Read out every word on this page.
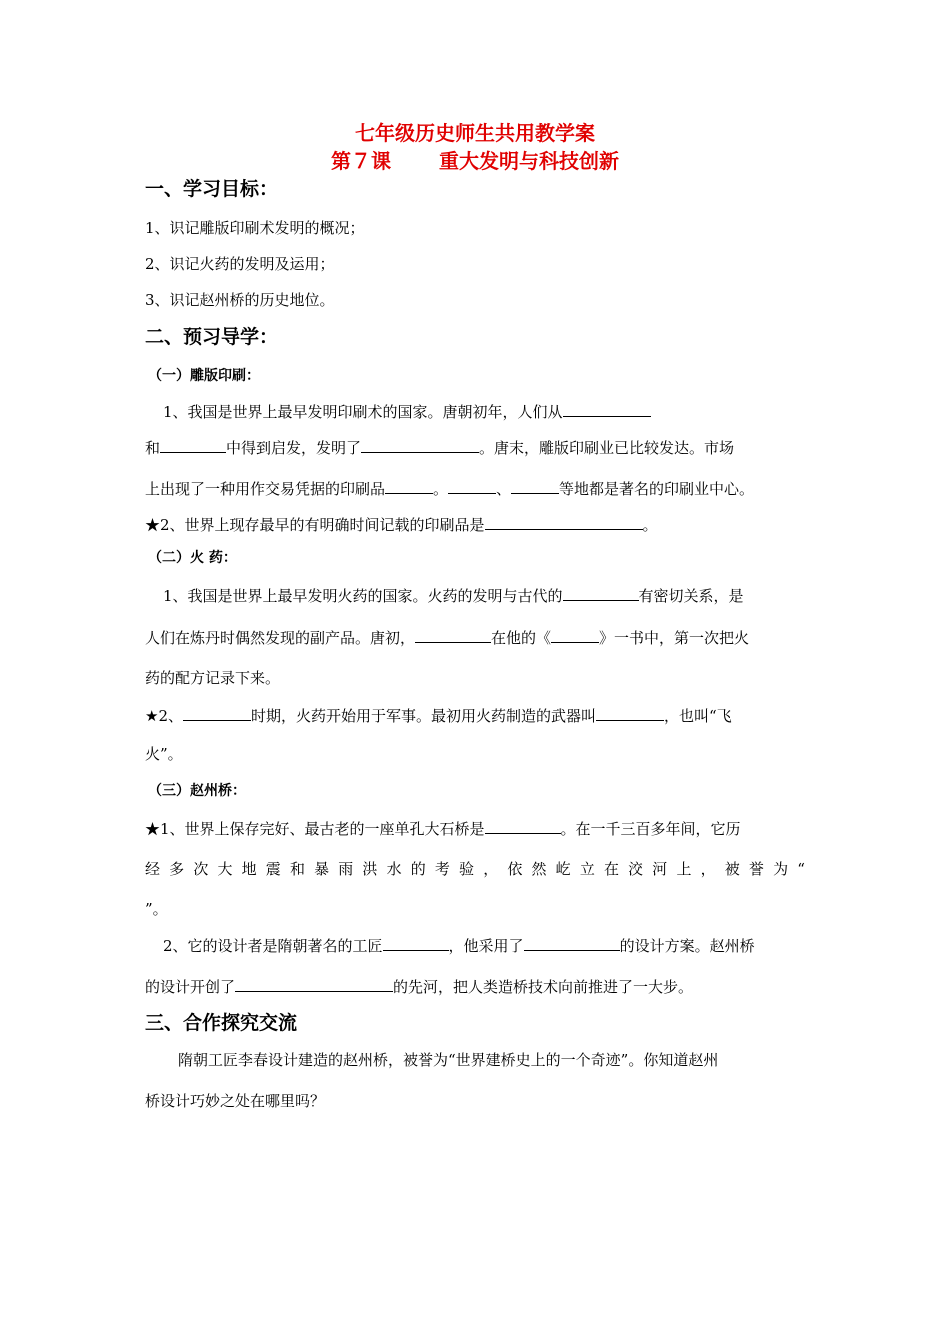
七年级历史师生共用教学案
第７课 重大发明与科技创新
一、学习目标：
1、识记雕版印刷术发明的概况；
2、识记火药的发明及运用；
3、识记赵州桥的历史地位。
二、预习导学：
（一）雕版印刷：
1、我国是世界上最早发明印刷术的国家。唐朝初年，人们从
和	中得到启发，发明了	。唐末，雕版印刷业已比较发达。市场
上出现了一种用作交易凭据的印刷品	。	、	等地都是著名的印刷业中心。
★2、世界上现存最早的有明确时间记载的印刷品是	。
（二）火 药：
1、我国是世界上最早发明火药的国家。火药的发明与古代的	有密切关系，是
人们在炼丹时偶然发现的副产品。唐初，	在他的《	》一书中，第一次把火
药的配方记录下来。
★2、	时期，火药开始用于军事。最初用火药制造的武器叫	，也叫“飞
火”。
（三）赵州桥：
★1、世界上保存完好、最古老的一座单孔大石桥是	。在一千三百多年间，它历
经 多 次 大 地 震 和 暴 雨 洪 水 的 考 验 ， 依 然 屹 立 在 洨 河 上 ， 被 誉 为 “
”。
2、它的设计者是隋朝著名的工匠	，他采用了	的设计方案。赵州桥
的设计开创了	的先河，把人类造桥技术向前推进了一大步。
三、合作探究交流
隋朝工匠李春设计建造的赵州桥，被誉为“世界建桥史上的一个奇迹”。你知道赵州
桥设计巧妙之处在哪里吗？
